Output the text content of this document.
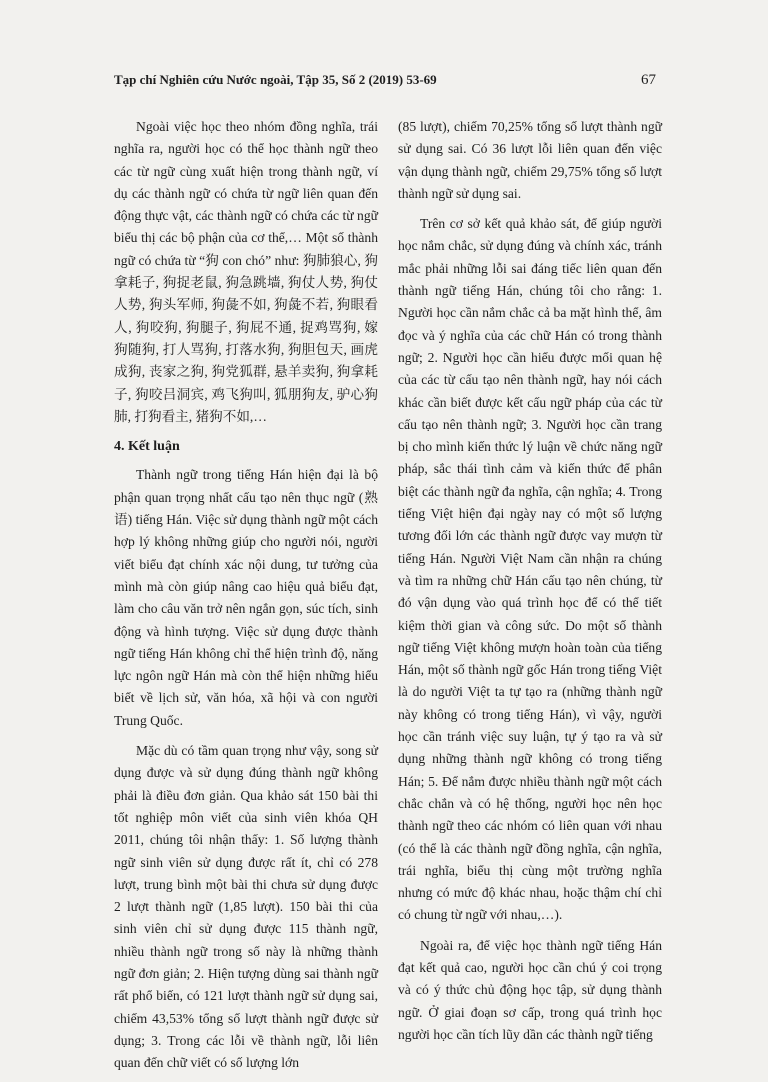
Tạp chí Nghiên cứu Nước ngoài, Tập 35, Số 2 (2019) 53-69	67

Ngoài việc học theo nhóm đồng nghĩa, trái nghĩa ra, người học có thể học thành ngữ theo các từ ngữ cùng xuất hiện trong thành ngữ, ví dụ các thành ngữ có chứa từ ngữ liên quan đến động thực vật, các thành ngữ có chứa các từ ngữ biểu thị các bộ phận của cơ thể,… Một số thành ngữ có chứa từ “狗 con chó” như: 狗肺狼心, 狗拿耗子, 狗捉老鼠, 狗急跳墙, 狗仗人势, 狗仗人势, 狗头军师, 狗彘不如, 狗彘不若, 狗眼看人, 狗咬狗, 狗腿子, 狗屁不通, 捉鸡骂狗, 嫁狗随狗, 打人骂狗, 打落水狗, 狗胆包天, 画虎成狗, 丧家之狗, 狗党狐群, 悬羊卖狗, 狗拿耗子, 狗咬吕洞宾, 鸡飞狗叫, 狐朋狗友, 驴心狗肺, 打狗看主, 猪狗不如,…

4. Kết luận

Thành ngữ trong tiếng Hán hiện đại là bộ phận quan trọng nhất cấu tạo nên thục ngữ (熟语) tiếng Hán. Việc sử dụng thành ngữ một cách hợp lý không những giúp cho người nói, người viết biểu đạt chính xác nội dung, tư tưởng của mình mà còn giúp nâng cao hiệu quả biểu đạt, làm cho câu văn trở nên ngắn gọn, súc tích, sinh động và hình tượng. Việc sử dụng được thành ngữ tiếng Hán không chỉ thể hiện trình độ, năng lực ngôn ngữ Hán mà còn thể hiện những hiểu biết về lịch sử, văn hóa, xã hội và con người Trung Quốc.

Mặc dù có tầm quan trọng như vậy, song sử dụng được và sử dụng đúng thành ngữ không phải là điều đơn giản. Qua khảo sát 150 bài thi tốt nghiệp môn viết của sinh viên khóa QH 2011, chúng tôi nhận thấy: 1. Số lượng thành ngữ sinh viên sử dụng được rất ít, chỉ có 278 lượt, trung bình một bài thi chưa sử dụng được 2 lượt thành ngữ (1,85 lượt). 150 bài thi của sinh viên chỉ sử dụng được 115 thành ngữ, nhiều thành ngữ trong số này là những thành ngữ đơn giản; 2. Hiện tượng dùng sai thành ngữ rất phổ biến, có 121 lượt thành ngữ sử dụng sai, chiếm 43,53% tổng số lượt thành ngữ được sử dụng; 3. Trong các lỗi về thành ngữ, lỗi liên quan đến chữ viết có số lượng lớn

(85 lượt), chiếm 70,25% tổng số lượt thành ngữ sử dụng sai. Có 36 lượt lỗi liên quan đến việc vận dụng thành ngữ, chiếm 29,75% tổng số lượt thành ngữ sử dụng sai.

Trên cơ sở kết quả khảo sát, để giúp người học nắm chắc, sử dụng đúng và chính xác, tránh mắc phải những lỗi sai đáng tiếc liên quan đến thành ngữ tiếng Hán, chúng tôi cho rằng: 1. Người học cần nắm chắc cả ba mặt hình thể, âm đọc và ý nghĩa của các chữ Hán có trong thành ngữ; 2. Người học cần hiểu được mối quan hệ của các từ cấu tạo nên thành ngữ, hay nói cách khác cần biết được kết cấu ngữ pháp của các từ cấu tạo nên thành ngữ; 3. Người học cần trang bị cho mình kiến thức lý luận về chức năng ngữ pháp, sắc thái tình cảm và kiến thức để phân biệt các thành ngữ đa nghĩa, cận nghĩa; 4. Trong tiếng Việt hiện đại ngày nay có một số lượng tương đối lớn các thành ngữ được vay mượn từ tiếng Hán. Người Việt Nam cần nhận ra chúng và tìm ra những chữ Hán cấu tạo nên chúng, từ đó vận dụng vào quá trình học để có thể tiết kiệm thời gian và công sức. Do một số thành ngữ tiếng Việt không mượn hoàn toàn của tiếng Hán, một số thành ngữ gốc Hán trong tiếng Việt là do người Việt ta tự tạo ra (những thành ngữ này không có trong tiếng Hán), vì vậy, người học cần tránh việc suy luận, tự ý tạo ra và sử dụng những thành ngữ không có trong tiếng Hán; 5. Để nắm được nhiều thành ngữ một cách chắc chắn và có hệ thống, người học nên học thành ngữ theo các nhóm có liên quan với nhau (có thể là các thành ngữ đồng nghĩa, cận nghĩa, trái nghĩa, biểu thị cùng một trường nghĩa nhưng có mức độ khác nhau, hoặc thậm chí chỉ có chung từ ngữ với nhau,…).

Ngoài ra, để việc học thành ngữ tiếng Hán đạt kết quả cao, người học cần chú ý coi trọng và có ý thức chủ động học tập, sử dụng thành ngữ. Ở giai đoạn sơ cấp, trong quá trình học người học cần tích lũy dần các thành ngữ tiếng
